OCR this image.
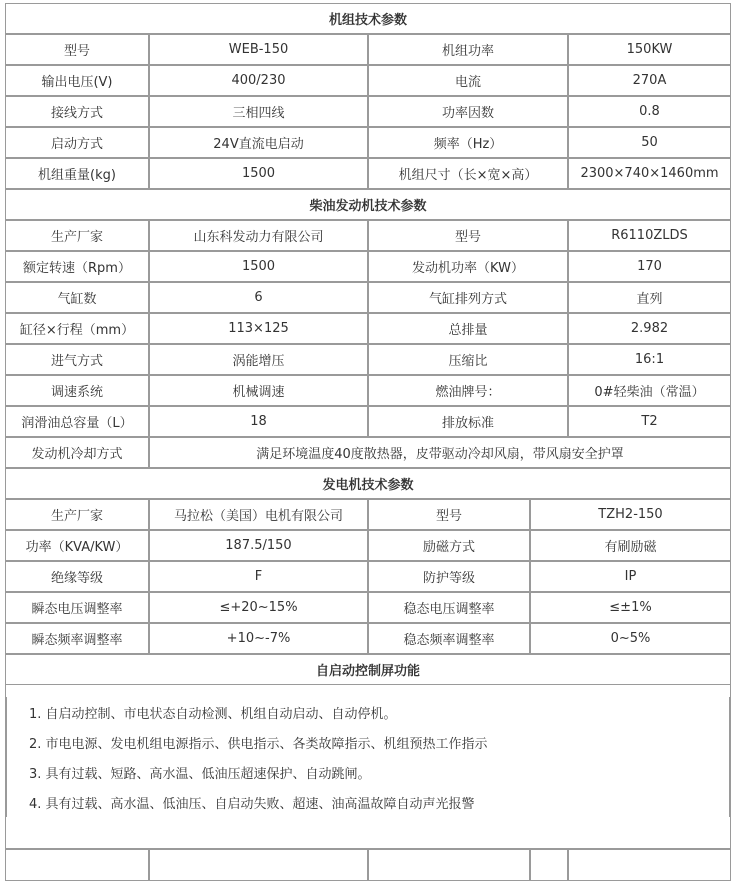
机组技术参数
型号	WEB-150	机组功率	150KW
输出电压(V)	400/230	电流	270A
接线方式	三相四线	功率因数	0.8
启动方式	24V直流电启动	频率（Hz）	50
机组重量(kg)	1500	机组尺寸（长×宽×高）	2300×740×1460mm
柴油发动机技术参数
生产厂家	山东科发动力有限公司	型号	R6110ZLDS
额定转速（Rpm）	1500	发动机功率（KW）	170
气缸数	6	气缸排列方式	直列
缸径×行程（mm）	113×125	总排量	2.982
进气方式	涡能增压	压缩比	16:1
调速系统	机械调速	燃油牌号：	0#轻柴油（常温）
润滑油总容量（L）	18	排放标准	T2
发动机冷却方式	满足环境温度40度散热器，皮带驱动冷却风扇，带风扇安全护罩
发电机技术参数
生产厂家	马拉松（美国）电机有限公司	型号	TZH2-150
功率（KVA/KW）	187.5/150	励磁方式	有刷励磁
绝缘等级	F	防护等级	IP
瞬态电压调整率	≤+20~15%	稳态电压调整率	≤±1%
瞬态频率调整率	+10~-7%	稳态频率调整率	0~5%
自启动控制屏功能
1. 自启动控制、市电状态自动检测、机组自动启动、自动停机。
2. 市电电源、发电机组电源指示、供电指示、各类故障指示、机组预热工作指示
3. 具有过载、短路、高水温、低油压超速保护、自动跳闸。
4. 具有过载、高水温、低油压、自启动失败、超速、油高温故障自动声光报警
